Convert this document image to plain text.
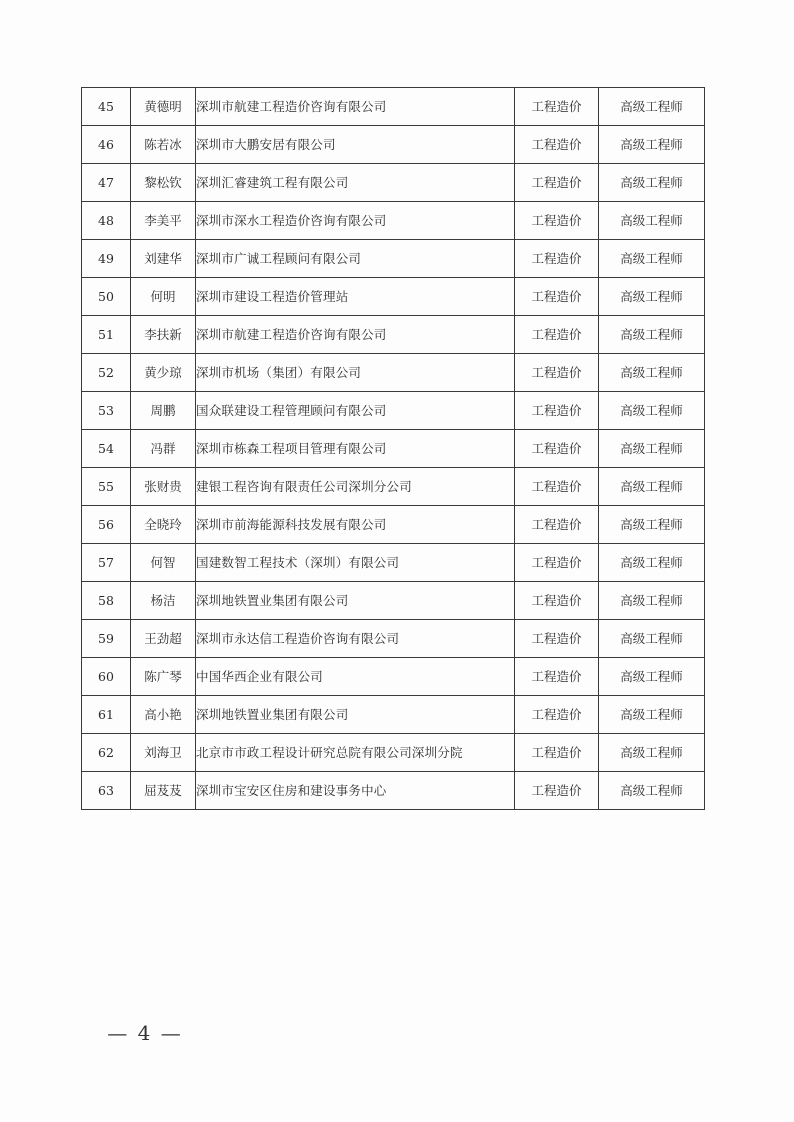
45	黄德明	深圳市航建工程造价咨询有限公司	工程造价	高级工程师
46	陈若冰	深圳市大鹏安居有限公司	工程造价	高级工程师
47	黎松钦	深圳汇睿建筑工程有限公司	工程造价	高级工程师
48	李美平	深圳市深水工程造价咨询有限公司	工程造价	高级工程师
49	刘建华	深圳市广诚工程顾问有限公司	工程造价	高级工程师
50	何明	深圳市建设工程造价管理站	工程造价	高级工程师
51	李扶新	深圳市航建工程造价咨询有限公司	工程造价	高级工程师
52	黄少琼	深圳市机场（集团）有限公司	工程造价	高级工程师
53	周鹏	国众联建设工程管理顾问有限公司	工程造价	高级工程师
54	冯群	深圳市栋森工程项目管理有限公司	工程造价	高级工程师
55	张财贵	建银工程咨询有限责任公司深圳分公司	工程造价	高级工程师
56	全晓玲	深圳市前海能源科技发展有限公司	工程造价	高级工程师
57	何智	国建数智工程技术（深圳）有限公司	工程造价	高级工程师
58	杨洁	深圳地铁置业集团有限公司	工程造价	高级工程师
59	王劲超	深圳市永达信工程造价咨询有限公司	工程造价	高级工程师
60	陈广琴	中国华西企业有限公司	工程造价	高级工程师
61	高小艳	深圳地铁置业集团有限公司	工程造价	高级工程师
62	刘海卫	北京市市政工程设计研究总院有限公司深圳分院	工程造价	高级工程师
63	屈芨芨	深圳市宝安区住房和建设事务中心	工程造价	高级工程师
— 4 —
